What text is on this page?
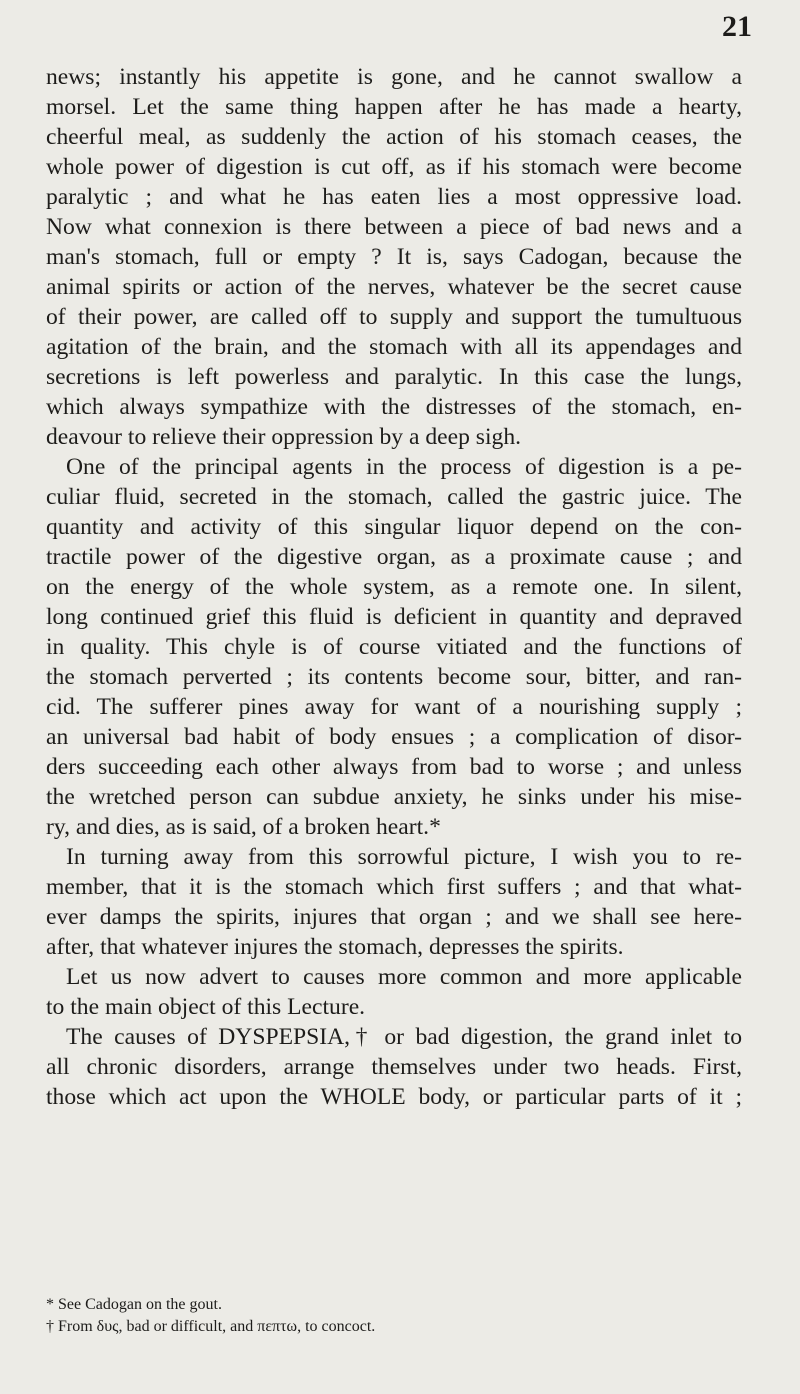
21
news; instantly his appetite is gone, and he cannot swallow a
morsel. Let the same thing happen after he has made a hearty,
cheerful meal, as suddenly the action of his stomach ceases, the
whole power of digestion is cut off, as if his stomach were become
paralytic ; and what he has eaten lies a most oppressive load.
Now what connexion is there between a piece of bad news and a
man's stomach, full or empty ? It is, says Cadogan, because the
animal spirits or action of the nerves, whatever be the secret cause
of their power, are called off to supply and support the tumultuous
agitation of the brain, and the stomach with all its appendages and
secretions is left powerless and paralytic. In this case the lungs,
which always sympathize with the distresses of the stomach, en-
deavour to relieve their oppression by a deep sigh.
One of the principal agents in the process of digestion is a pe-
culiar fluid, secreted in the stomach, called the gastric juice. The
quantity and activity of this singular liquor depend on the con-
tractile power of the digestive organ, as a proximate cause ; and
on the energy of the whole system, as a remote one. In silent,
long continued grief this fluid is deficient in quantity and depraved
in quality. This chyle is of course vitiated and the functions of
the stomach perverted ; its contents become sour, bitter, and ran-
cid. The sufferer pines away for want of a nourishing supply ;
an universal bad habit of body ensues ; a complication of disor-
ders succeeding each other always from bad to worse ; and unless
the wretched person can subdue anxiety, he sinks under his mise-
ry, and dies, as is said, of a broken heart.*
In turning away from this sorrowful picture, I wish you to re-
member, that it is the stomach which first suffers ; and that what-
ever damps the spirits, injures that organ ; and we shall see here-
after, that whatever injures the stomach, depresses the spirits.
Let us now advert to causes more common and more applicable
to the main object of this Lecture.
The causes of DYSPEPSIA,† or bad digestion, the grand inlet to
all chronic disorders, arrange themselves under two heads. First,
those which act upon the WHOLE body, or particular parts of it ;
* See Cadogan on the gout.
† From δυς, bad or difficult, and πεπτω, to concoct.
